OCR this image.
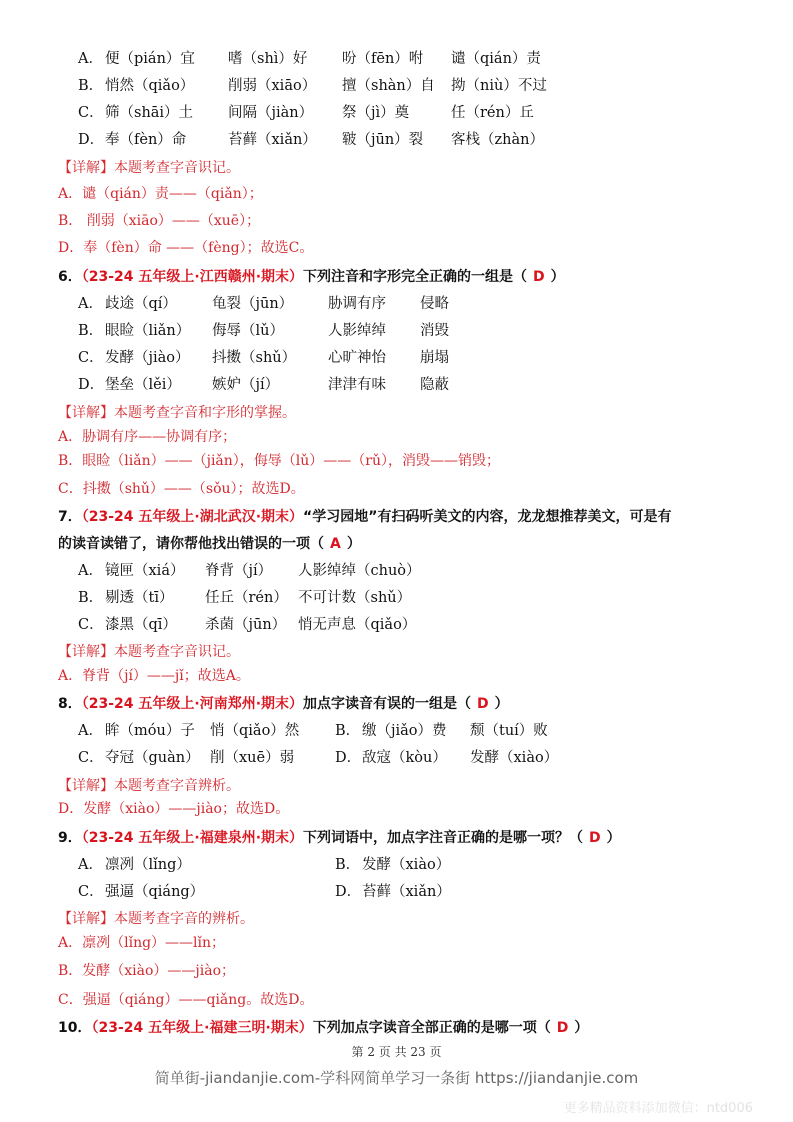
A． 便（pián）宜 嗜（shì）好 吩（fēn）咐 谴（qián）责
B． 悄然（qiǎo） 削弱（xiāo） 擅（shàn）自 拗（niù）不过
C． 筛（shāi）土 间隔（jiàn） 祭（jì）奠	任（rén）丘
D． 奉（fèn）命	苔藓（xiǎn） 皲（jūn）裂 客栈（zhàn）
【详解】本题考查字音识记。
A．谴（qián）责——（qiǎn）；
B． 削弱（xiāo）——（xuē）；
D．奉（fèn）命 ——（fèng）；故选C。
6．（23-24 五年级上·江西赣州·期末）下列注音和字形完全正确的一组是（ D ）
A． 歧途（qí） 龟裂（jūn） 胁调有序 侵略
B． 眼睑（liǎn） 侮辱（lǔ）	人影绰绰 消毁
C． 发酵（jiào） 抖擞（shǔ） 心旷神怡 崩塌
D． 堡垒（lěi） 嫉妒（jí）	津津有味 隐蔽
【详解】本题考查字音和字形的掌握。
A．胁调有序——协调有序；
B．眼睑（liǎn）——（jiǎn），侮辱（lǔ）——（rǔ），消毁——销毁；
C．抖擞（shǔ）——（sǒu）；故选D。
7．（23-24 五年级上·湖北武汉·期末）“学习园地”有扫码听美文的内容，龙龙想推荐美文，可是有
的读音读错了，请你帮他找出错误的一项（ A ）
A． 镜匣（xiá） 脊背（jí） 人影绰绰（chuò）
B． 剔透（tī） 任丘（rén） 不可计数（shǔ）
C． 漆黑（qī） 杀菌（jūn） 悄无声息（qiǎo）
【详解】本题考查字音识记。
A．脊背（jí）——jǐ；故选A。
8．（23-24 五年级上·河南郑州·期末）加点字读音有误的一组是（ D ）
A． 眸（móu）子 悄（qiǎo）然 B． 缴（jiǎo）费 颓（tuí）败
C． 夺冠（guàn） 削（xuē）弱	D． 敌寇（kòu） 发酵（xiào）
【详解】本题考查字音辨析。
D．发酵（xiào）——jiào；故选D。
9．（23-24 五年级上·福建泉州·期末）下列词语中，加点字注音正确的是哪一项？（ D ）
A． 凛冽（lǐng）	B． 发酵（xiào）
C． 强逼（qiáng）	D． 苔藓（xiǎn）
【详解】本题考查字音的辨析。
A．凛冽（lǐng）——lǐn；
B．发酵（xiào）——jiào；
C．强逼（qiáng）——qiǎng。故选D。
10．（23-24 五年级上·福建三明·期末）下列加点字读音全部正确的是哪一项（ D ）
第 2 页 共 23 页
简单街-jiandanjie.com-学科网简单学习一条街 https://jiandanjie.com
更多精品资料添加微信：ntd006
